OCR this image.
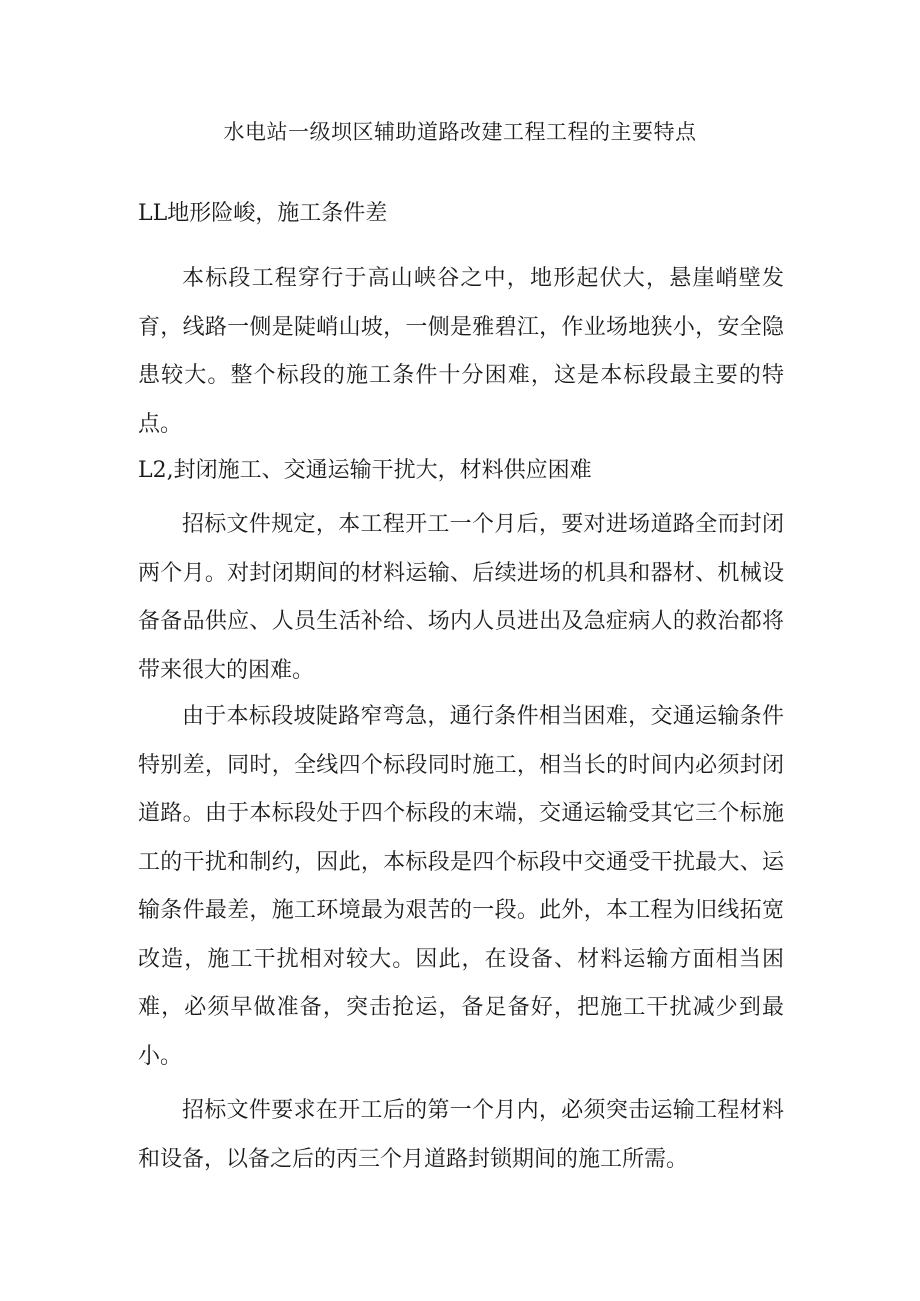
水电站一级坝区辅助道路改建工程工程的主要特点
LL地形险峻，施工条件差

本标段工程穿行于高山峡谷之中，地形起伏大，悬崖峭壁发育，线路一侧是陡峭山坡，一侧是雅碧江，作业场地狭小，安全隐患较大。整个标段的施工条件十分困难，这是本标段最主要的特点。

L2,封闭施工、交通运输干扰大，材料供应困难

招标文件规定，本工程开工一个月后，要对进场道路全而封闭两个月。对封闭期间的材料运输、后续进场的机具和器材、机械设备备品供应、人员生活补给、场内人员进出及急症病人的救治都将带来很大的困难。

由于本标段坡陡路窄弯急，通行条件相当困难，交通运输条件特别差，同时，全线四个标段同时施工，相当长的时间内必须封闭道路。由于本标段处于四个标段的末端，交通运输受其它三个标施工的干扰和制约，因此，本标段是四个标段中交通受干扰最大、运输条件最差，施工环境最为艰苦的一段。此外，本工程为旧线拓宽改造，施工干扰相对较大。因此，在设备、材料运输方面相当困难，必须早做准备，突击抢运，备足备好，把施工干扰减少到最小。

招标文件要求在开工后的第一个月内，必须突击运输工程材料和设备，以备之后的丙三个月道路封锁期间的施工所需。
